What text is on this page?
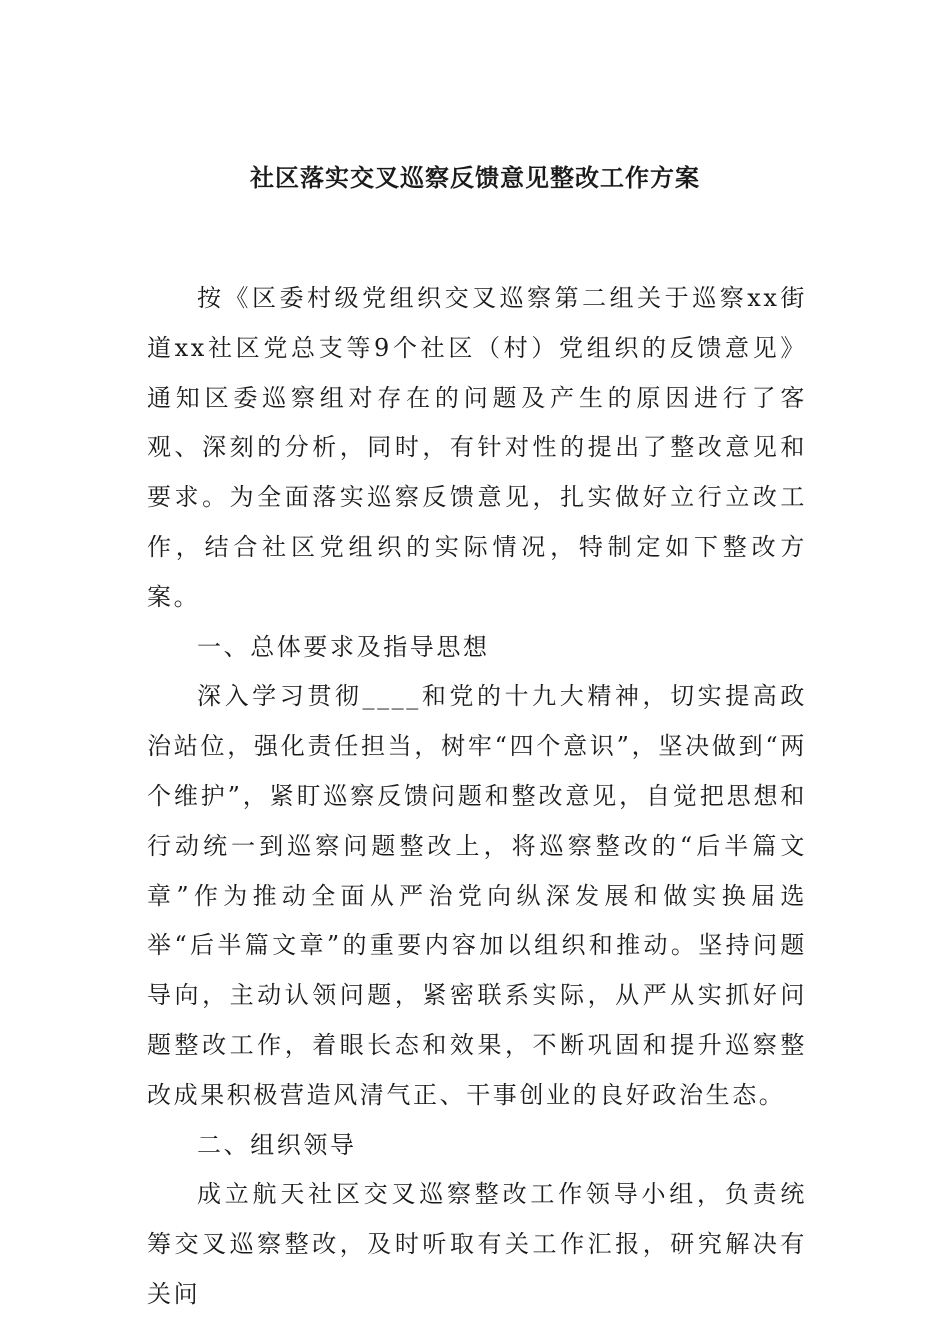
社区落实交叉巡察反馈意见整改工作方案

按《区委村级党组织交叉巡察第二组关于巡察xx街道xx社区党总支等9个社区（村）党组织的反馈意见》通知区委巡察组对存在的问题及产生的原因进行了客观、深刻的分析，同时，有针对性的提出了整改意见和要求。为全面落实巡察反馈意见，扎实做好立行立改工作，结合社区党组织的实际情况，特制定如下整改方案。

一、总体要求及指导思想

深入学习贯彻____和党的十九大精神，切实提高政治站位，强化责任担当，树牢“四个意识”，坚决做到“两个维护”，紧盯巡察反馈问题和整改意见，自觉把思想和行动统一到巡察问题整改上，将巡察整改的“后半篇文章”作为推动全面从严治党向纵深发展和做实换届选举“后半篇文章”的重要内容加以组织和推动。坚持问题导向，主动认领问题，紧密联系实际，从严从实抓好问题整改工作，着眼长态和效果，不断巩固和提升巡察整改成果积极营造风清气正、干事创业的良好政治生态。

二、组织领导

成立航天社区交叉巡察整改工作领导小组，负责统筹交叉巡察整改，及时听取有关工作汇报，研究解决有关问
